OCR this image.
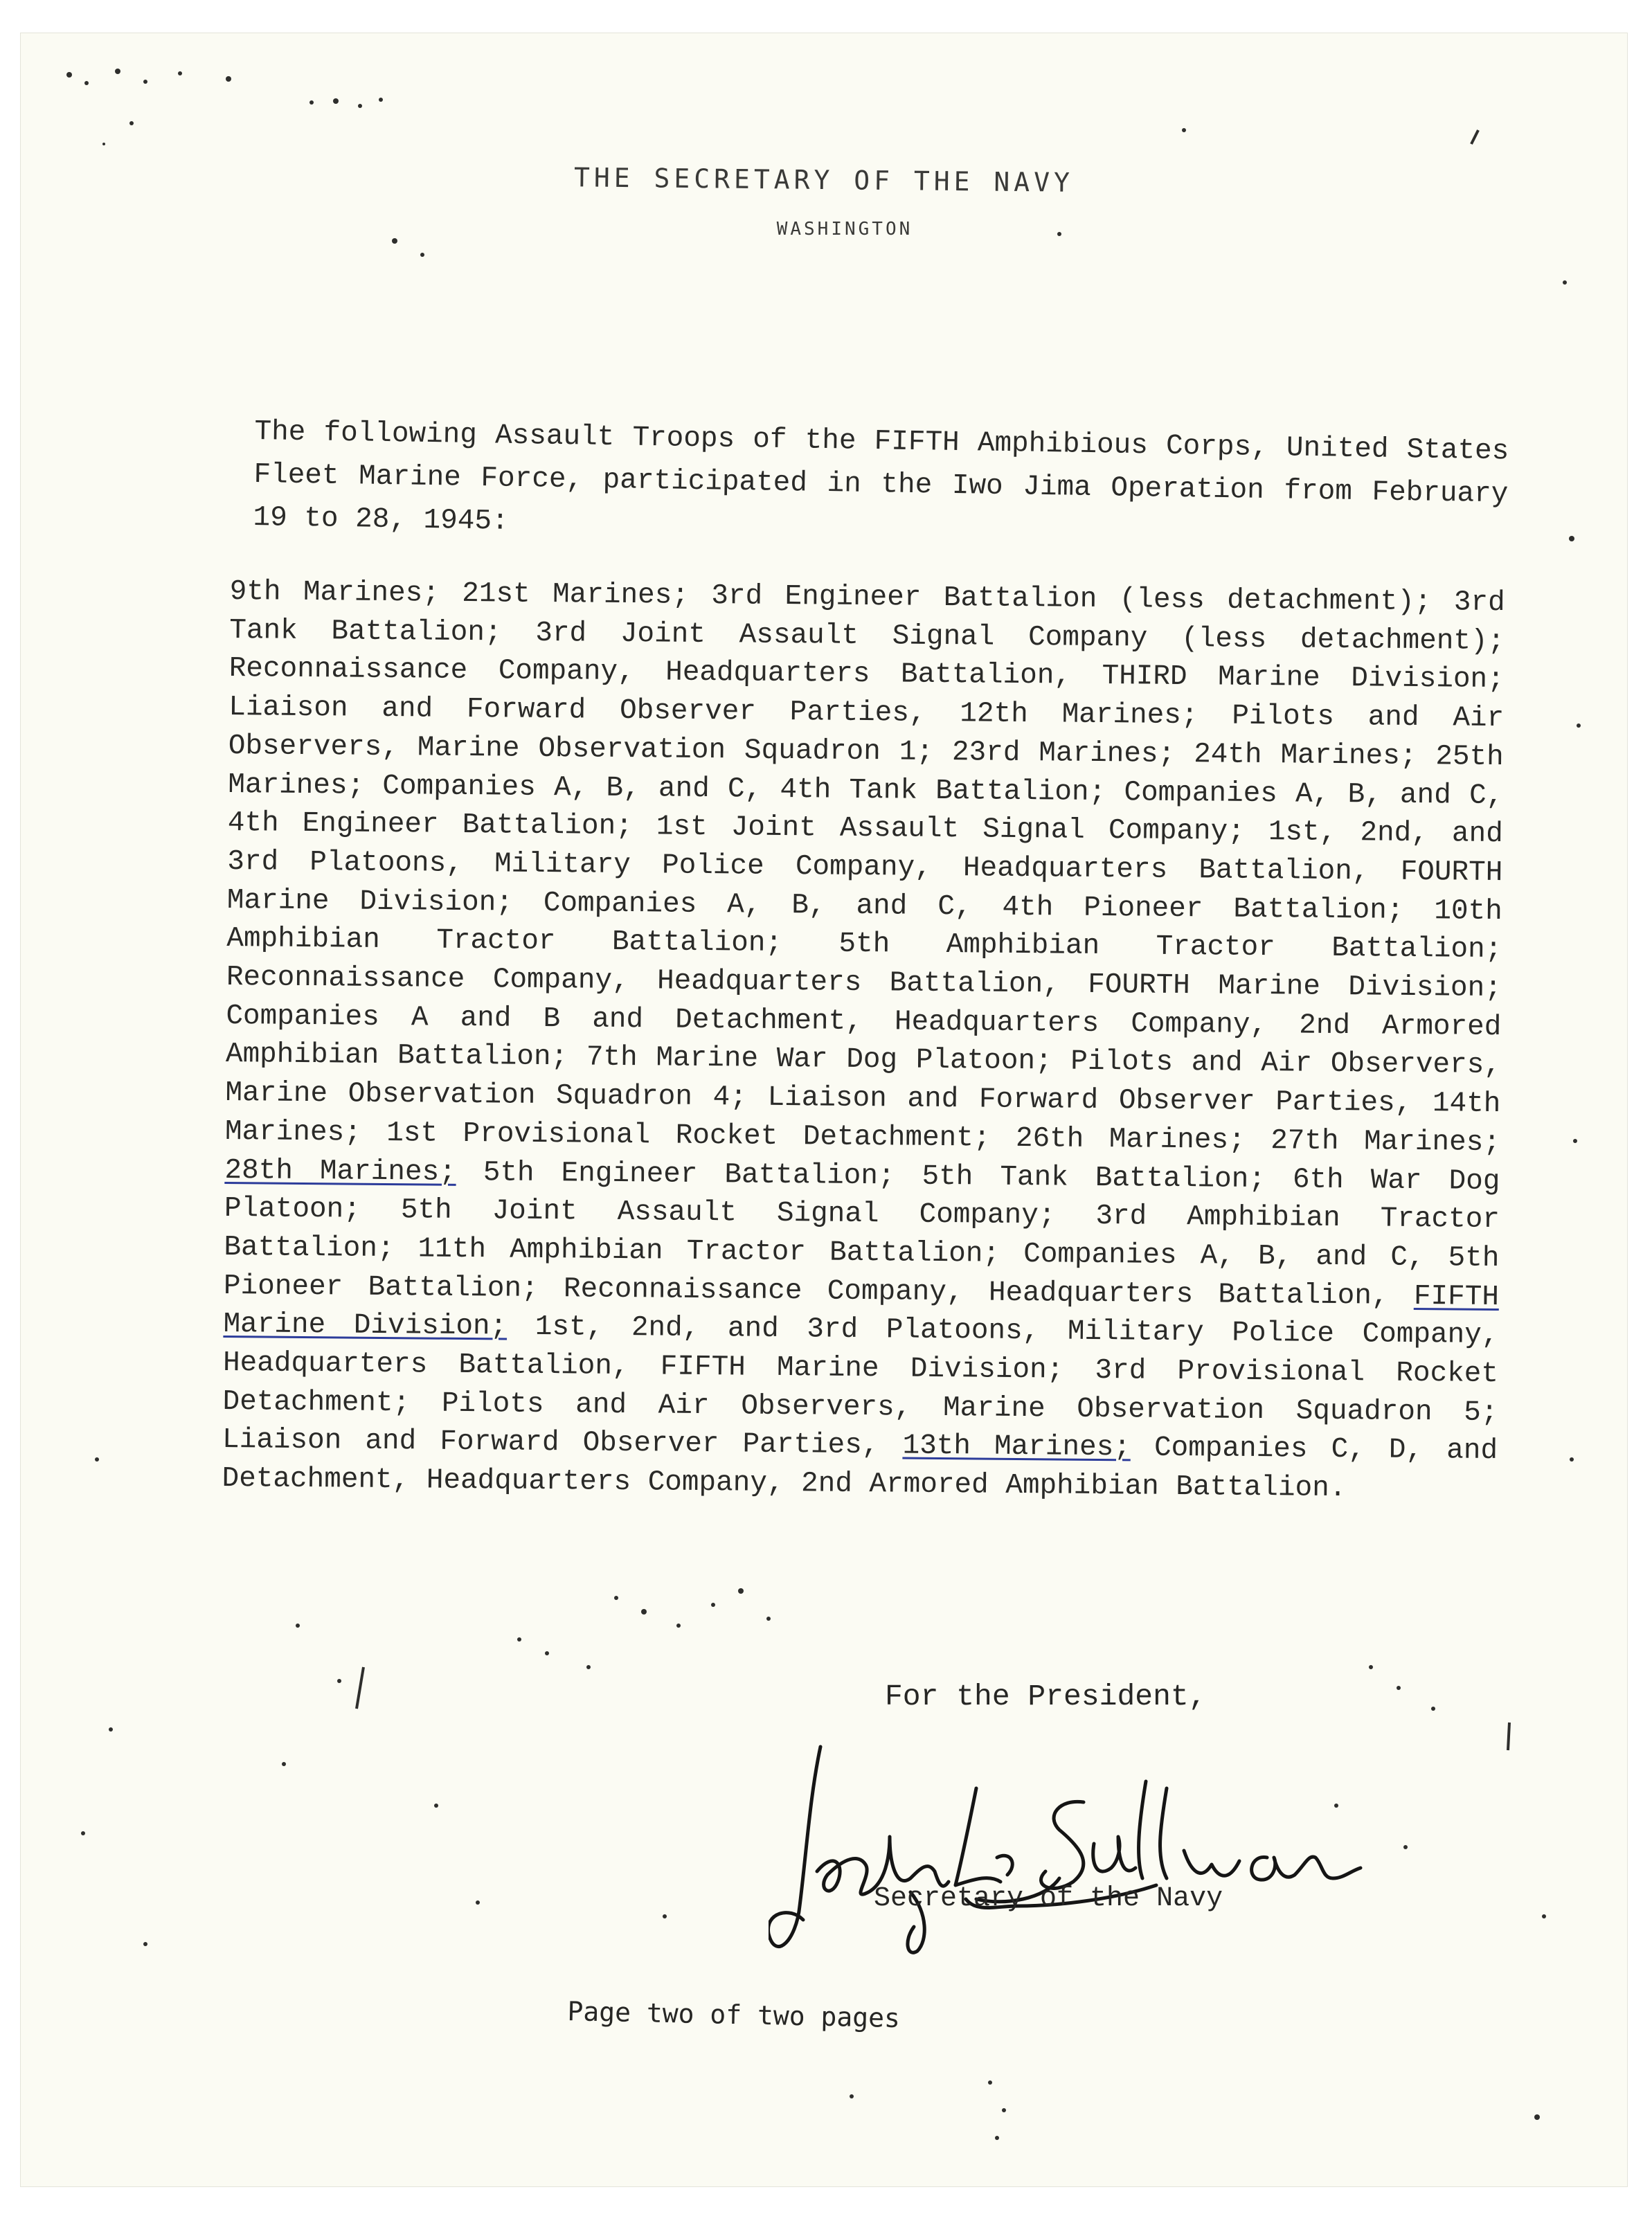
THE SECRETARY OF THE NAVY
WASHINGTON
The following Assault Troops of the FIFTH Amphibious Corps, United States Fleet Marine Force, participated in the Iwo Jima Operation from February 19 to 28, 1945:
9th Marines; 21st Marines; 3rd Engineer Battalion (less detachment); 3rd Tank Battalion; 3rd Joint Assault Signal Company (less detachment); Reconnaissance Company, Headquarters Battalion, THIRD Marine Division; Liaison and Forward Observer Parties, 12th Marines; Pilots and Air Observers, Marine Observation Squadron 1; 23rd Marines; 24th Marines; 25th Marines; Companies A, B, and C, 4th Tank Battalion; Companies A, B, and C, 4th Engineer Battalion; 1st Joint Assault Signal Company; 1st, 2nd, and 3rd Platoons, Military Police Company, Headquarters Battalion, FOURTH Marine Division; Companies A, B, and C, 4th Pioneer Battalion; 10th Amphibian Tractor Battalion; 5th Amphibian Tractor Battalion; Reconnaissance Company, Headquarters Battalion, FOURTH Marine Division; Companies A and B and Detachment, Headquarters Company, 2nd Armored Amphibian Battalion; 7th Marine War Dog Platoon; Pilots and Air Observers, Marine Observation Squadron 4; Liaison and Forward Observer Parties, 14th Marines; 1st Provisional Rocket Detachment; 26th Marines; 27th Marines; 28th Marines; 5th Engineer Battalion; 5th Tank Battalion; 6th War Dog Platoon; 5th Joint Assault Signal Company; 3rd Amphibian Tractor Battalion; 11th Amphibian Tractor Battalion; Companies A, B, and C, 5th Pioneer Battalion; Reconnaissance Company, Headquarters Battalion, FIFTH Marine Division; 1st, 2nd, and 3rd Platoons, Military Police Company, Headquarters Battalion, FIFTH Marine Division; 3rd Provisional Rocket Detachment; Pilots and Air Observers, Marine Observation Squadron 5; Liaison and Forward Observer Parties, 13th Marines; Companies C, D, and Detachment, Headquarters Company, 2nd Armored Amphibian Battalion.
For the President,
Secretary of the Navy
Page two of two pages
